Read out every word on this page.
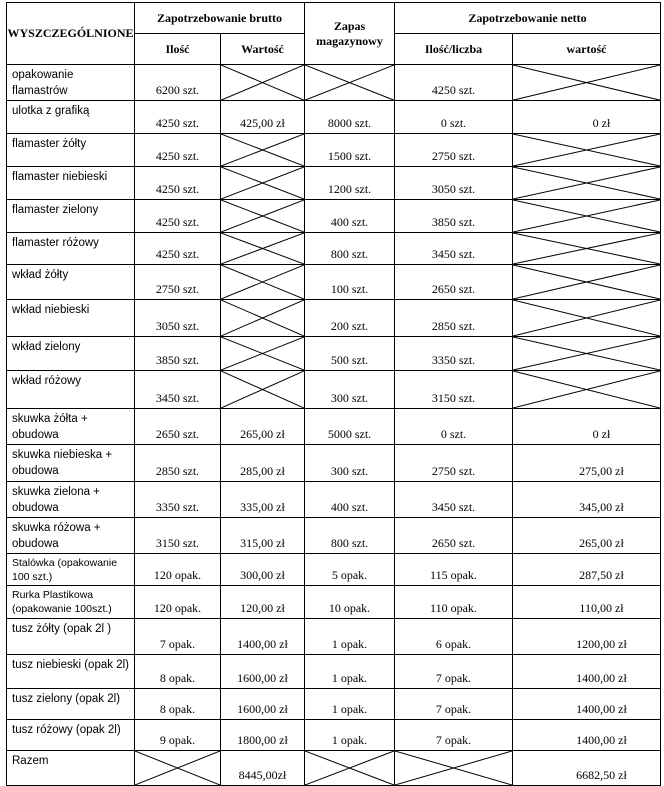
WYSZCZEGÓLNIONE	Zapotrzebowanie brutto		Zapas magazynowy	Zapotrzebowanie netto	
	Ilość	Wartość		Ilość/liczba	wartość
opakowanie flamastrów	6200 szt.			4250 szt.	

ulotka z grafiką	4250 szt.	425,00 zł	8000 szt.	0 szt.	0 zł
flamaster żółty	4250 szt.		1500 szt.	2750 szt.	

flamaster niebieski	4250 szt.		1200 szt.	3050 szt.	

flamaster zielony	4250 szt.		400 szt.	3850 szt.	

flamaster różowy	4250 szt.		800 szt.	3450 szt.	

wkład żółty	2750 szt.		100 szt.	2650 szt.	

wkład niebieski	3050 szt.		200 szt.	2850 szt.	

wkład zielony	3850 szt.		500 szt.	3350 szt.	

wkład różowy	3450 szt.		300 szt.	3150 szt.	

skuwka żółta + obudowa	2650 szt.	265,00 zł	5000 szt.	0 szt.	0 zł
skuwka niebieska + obudowa	2850 szt.	285,00 zł	300 szt.	2750 szt.	275,00 zł
skuwka zielona + obudowa	3350 szt.	335,00 zł	400 szt.	3450 szt.	345,00 zł
skuwka różowa + obudowa	3150 szt.	315,00 zł	800 szt.	2650 szt.	265,00 zł
Stalówka (opakowanie 100 szt.)	120 opak.	300,00 zł	5 opak.	115 opak.	287,50 zł
Rurka Plastikowa (opakowanie 100szt.)	120 opak.	120,00 zł	10 opak.	110 opak.	110,00 zł
tusz żółty (opak 2l )	7 opak.	1400,00 zł	1 opak.	6 opak.	1200,00 zł
tusz niebieski (opak 2l)	8 opak.	1600,00 zł	1 opak.	7 opak.	1400,00 zł
tusz zielony (opak 2l)	8 opak.	1600,00 zł	1 opak.	7 opak.	1400,00 zł
tusz różowy (opak 2l)	9 opak.	1800,00 zł	1 opak.	7 opak.	1400,00 zł
Razem		8445,00zł			6682,50 zł
